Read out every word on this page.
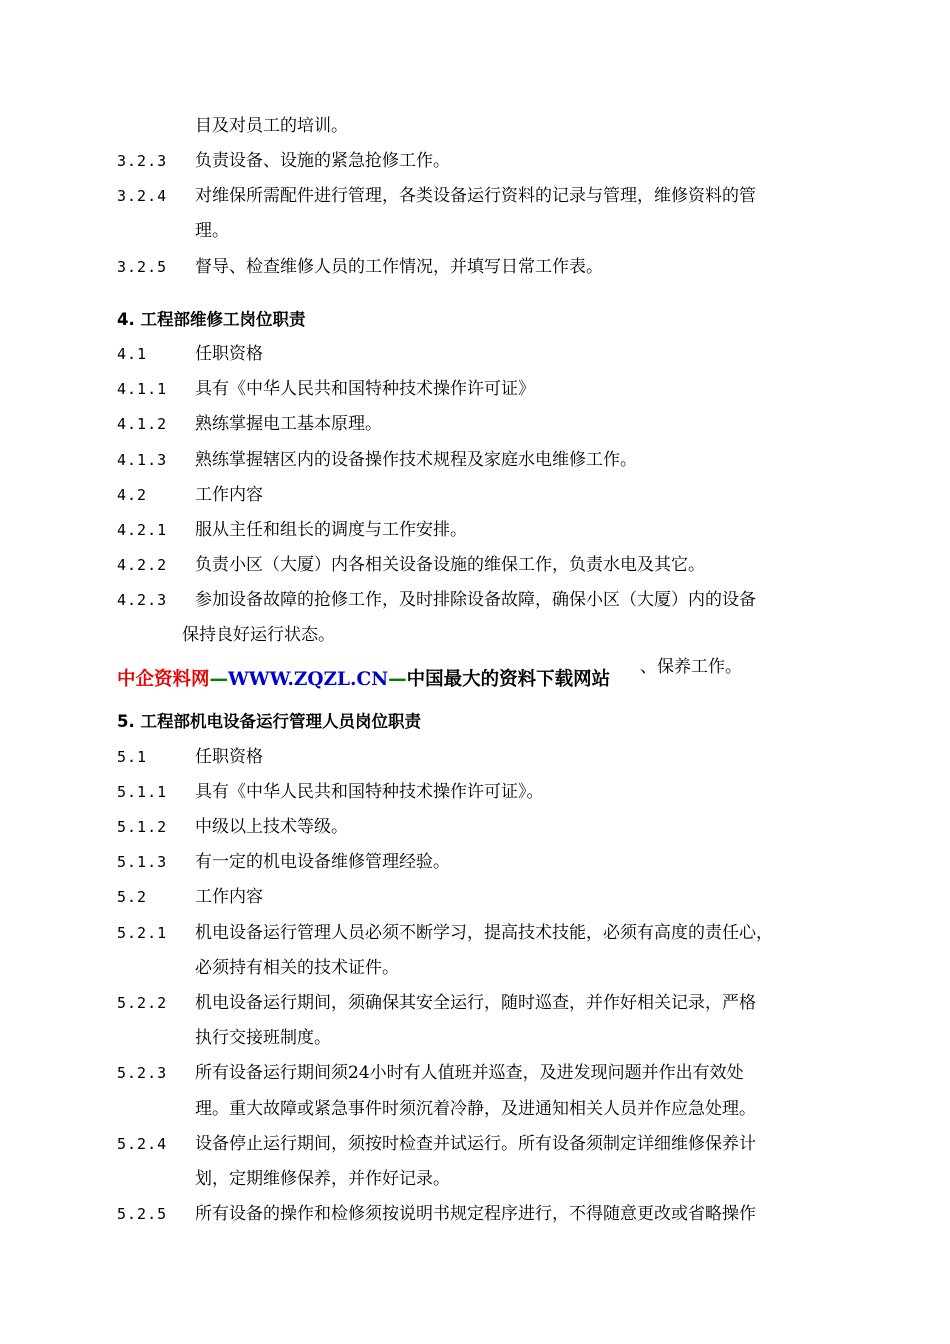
目及对员工的培训。
3.2.3 负责设备、设施的紧急抢修工作。
3.2.4 对维保所需配件进行管理，各类设备运行资料的记录与管理，维修资料的管
理。
3.2.5 督导、检查维修人员的工作情况，并填写日常工作表。
4. 工程部维修工岗位职责
4.1	任职资格
4.1.1 具有《中华人民共和国特种技术操作许可证》
4.1.2 熟练掌握电工基本原理。
4.1.3 熟练掌握辖区内的设备操作技术规程及家庭水电维修工作。
4.2	工作内容
4.2.1 服从主任和组长的调度与工作安排。
4.2.2 负责小区（大厦）内各相关设备设施的维保工作，负责水电及其它。
4.2.3 参加设备故障的抢修工作，及时排除设备故障，确保小区（大厦）内的设备
保持良好运行状态。
、保养工作。
中企资料网—WWW.ZQZL.CN—中国最大的资料下载网站
5. 工程部机电设备运行管理人员岗位职责
5.1	任职资格
5.1.1 具有《中华人民共和国特种技术操作许可证》。
5.1.2 中级以上技术等级。
5.1.3 有一定的机电设备维修管理经验。
5.2	工作内容
5.2.1 机电设备运行管理人员必须不断学习，提高技术技能，必须有高度的责任心，
必须持有相关的技术证件。
5.2.2 机电设备运行期间，须确保其安全运行，随时巡查，并作好相关记录，严格
执行交接班制度。
5.2.3 所有设备运行期间须24小时有人值班并巡查，及进发现问题并作出有效处
理。重大故障或紧急事件时须沉着冷静，及进通知相关人员并作应急处理。
5.2.4 设备停止运行期间，须按时检查并试运行。所有设备须制定详细维修保养计
划，定期维修保养，并作好记录。
5.2.5 所有设备的操作和检修须按说明书规定程序进行，不得随意更改或省略操作
